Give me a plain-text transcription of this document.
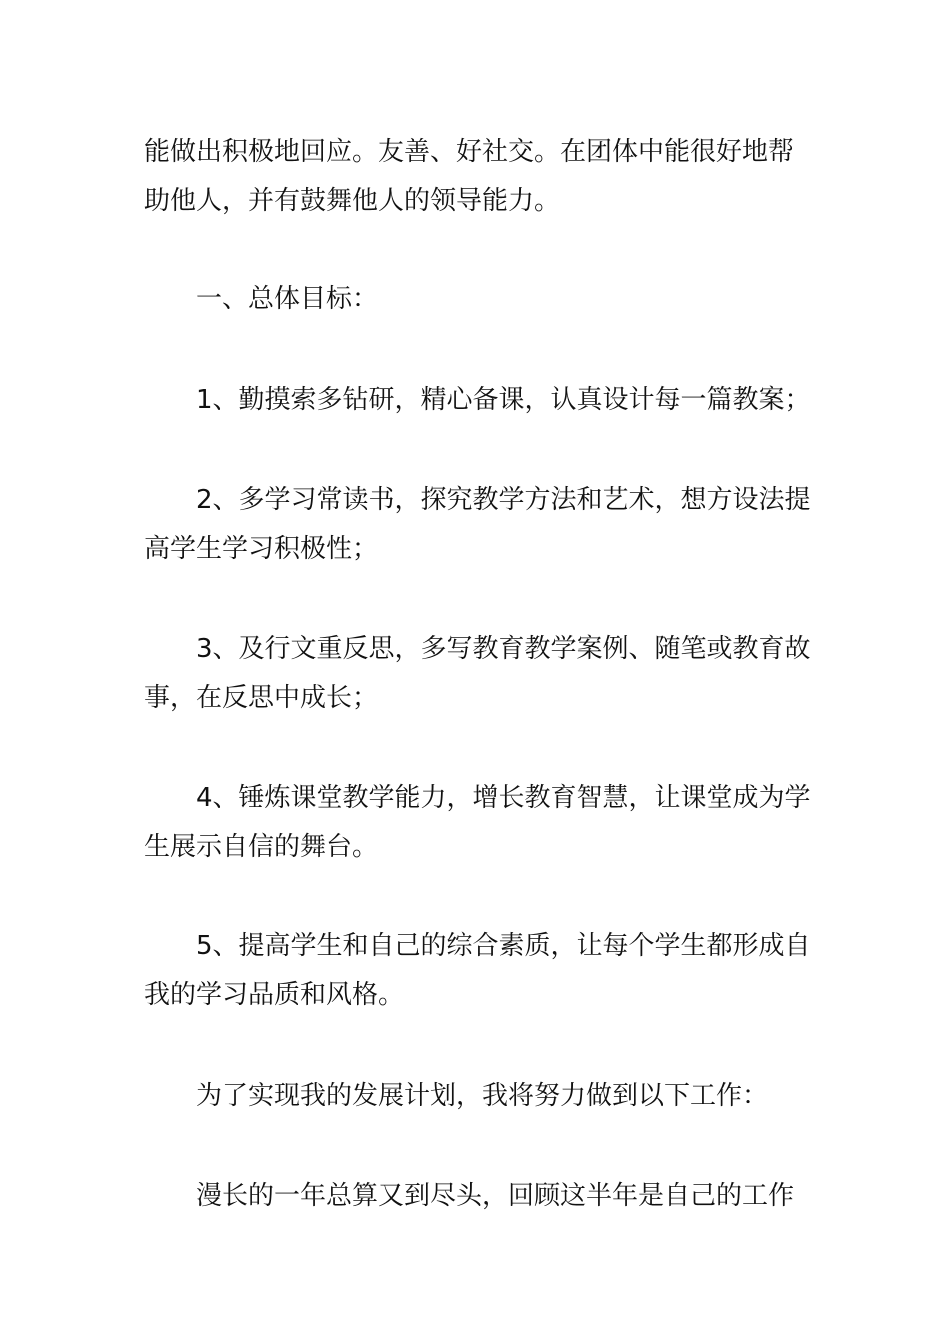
能做出积极地回应。友善、好社交。在团体中能很好地帮
助他人，并有鼓舞他人的领导能力。
一、总体目标：
1、勤摸索多钻研，精心备课，认真设计每一篇教案；
2、多学习常读书，探究教学方法和艺术，想方设法提
高学生学习积极性；
3、及行文重反思，多写教育教学案例、随笔或教育故
事，在反思中成长；
4、锤炼课堂教学能力，增长教育智慧，让课堂成为学
生展示自信的舞台。
5、提高学生和自己的综合素质，让每个学生都形成自
我的学习品质和风格。
为了实现我的发展计划，我将努力做到以下工作：
漫长的一年总算又到尽头，回顾这半年是自己的工作
